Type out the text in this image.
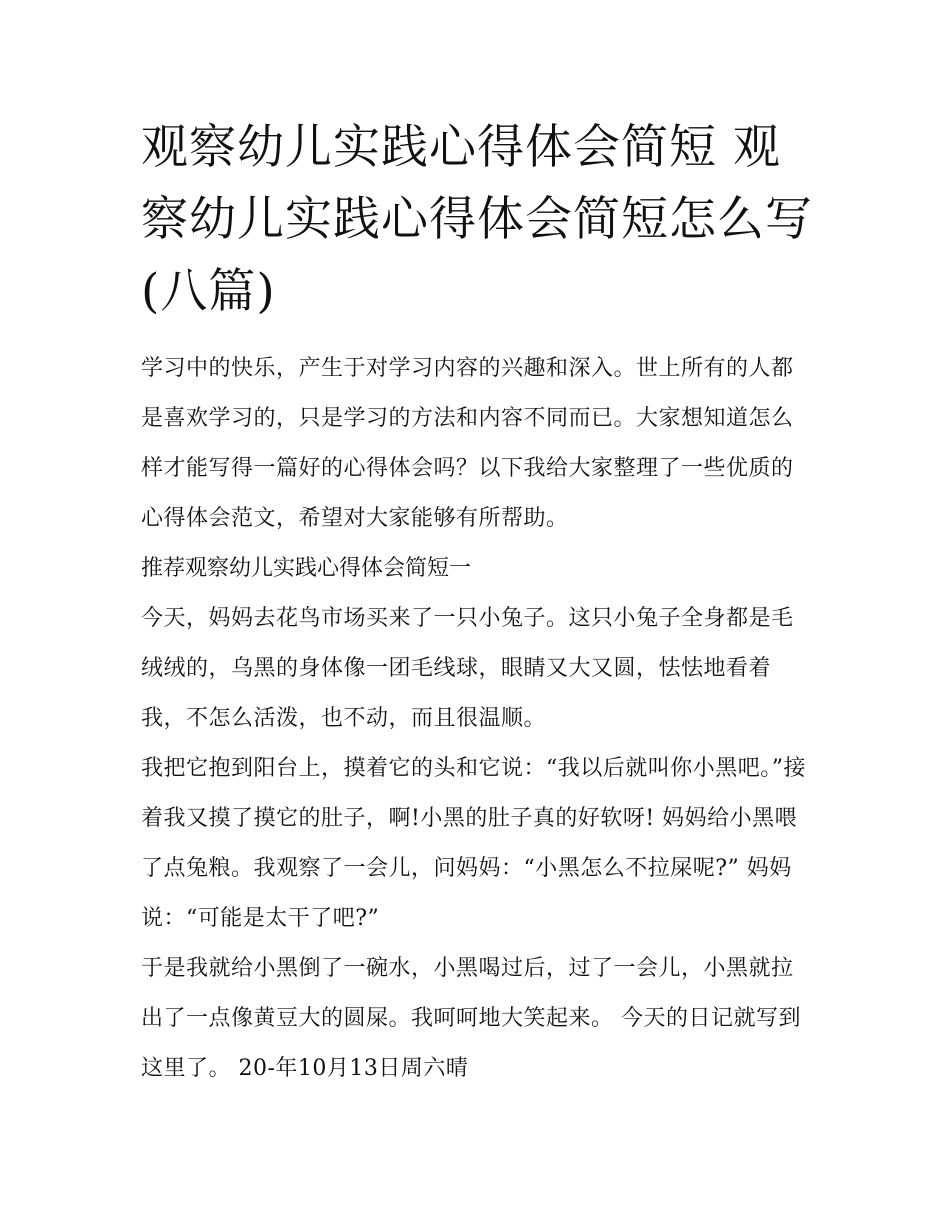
观察幼儿实践心得体会简短 观察幼儿实践心得体会简短怎么写(八篇)

学习中的快乐，产生于对学习内容的兴趣和深入。世上所有的人都是喜欢学习的，只是学习的方法和内容不同而已。大家想知道怎么样才能写得一篇好的心得体会吗？以下我给大家整理了一些优质的心得体会范文，希望对大家能够有所帮助。

推荐观察幼儿实践心得体会简短一

今天，妈妈去花鸟市场买来了一只小兔子。这只小兔子全身都是毛绒绒的，乌黑的身体像一团毛线球，眼睛又大又圆，怯怯地看着我，不怎么活泼，也不动，而且很温顺。

我把它抱到阳台上，摸着它的头和它说：“我以后就叫你小黑吧。”接着我又摸了摸它的肚子，啊!小黑的肚子真的好软呀! 妈妈给小黑喂了点兔粮。我观察了一会儿，问妈妈：“小黑怎么不拉屎呢?” 妈妈说：“可能是太干了吧?”

于是我就给小黑倒了一碗水，小黑喝过后，过了一会儿，小黑就拉出了一点像黄豆大的圆屎。我呵呵地大笑起来。 今天的日记就写到这里了。 20-年10月13日周六晴
